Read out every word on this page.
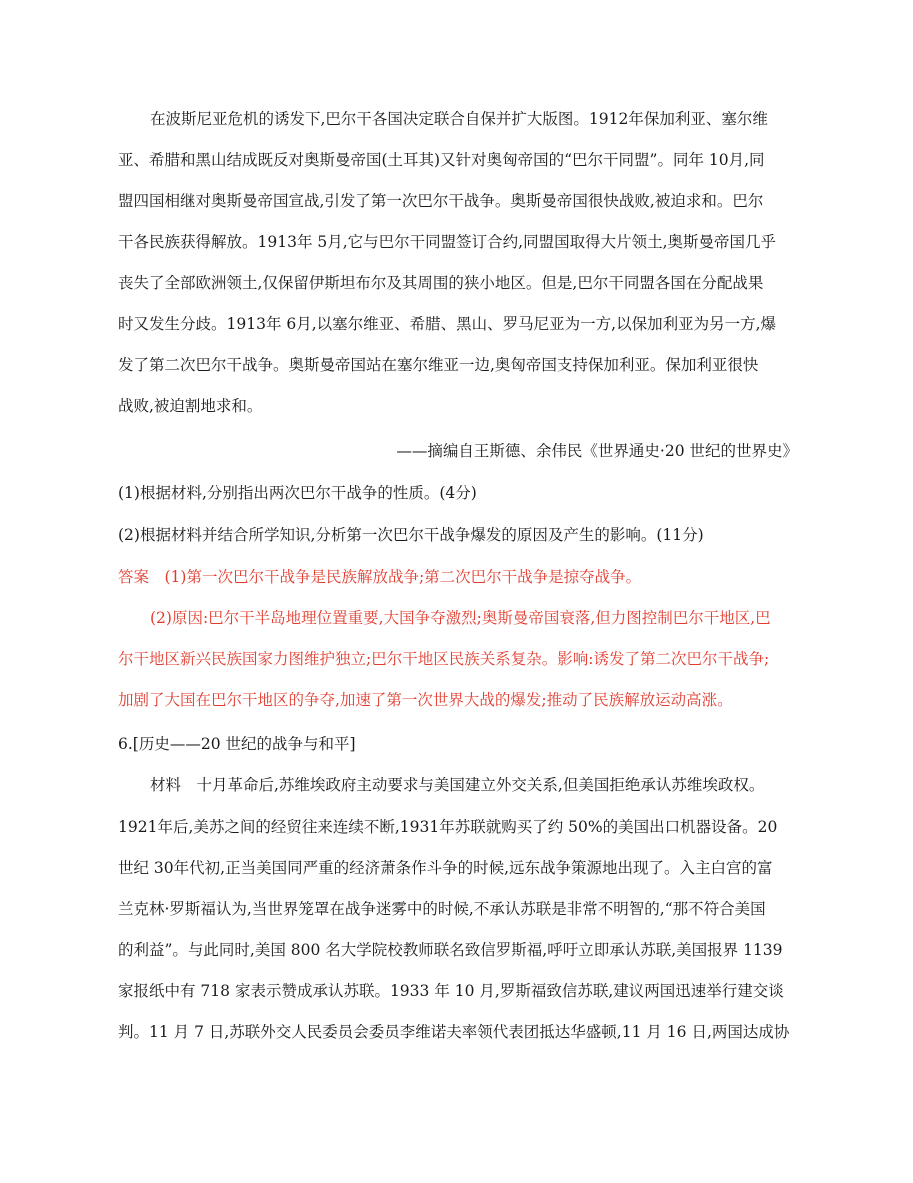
在波斯尼亚危机的诱发下,巴尔干各国决定联合自保并扩大版图。1912年保加利亚、塞尔维
亚、希腊和黑山结成既反对奥斯曼帝国(土耳其)又针对奥匈帝国的“巴尔干同盟”。同年 10月,同
盟四国相继对奥斯曼帝国宣战,引发了第一次巴尔干战争。奥斯曼帝国很快战败,被迫求和。巴尔
干各民族获得解放。1913年 5月,它与巴尔干同盟签订合约,同盟国取得大片领土,奥斯曼帝国几乎
丧失了全部欧洲领土,仅保留伊斯坦布尔及其周围的狭小地区。但是,巴尔干同盟各国在分配战果
时又发生分歧。1913年 6月,以塞尔维亚、希腊、黑山、罗马尼亚为一方,以保加利亚为另一方,爆
发了第二次巴尔干战争。奥斯曼帝国站在塞尔维亚一边,奥匈帝国支持保加利亚。保加利亚很快
战败,被迫割地求和。
——摘编自王斯德、余伟民《世界通史·20 世纪的世界史》
(1)根据材料,分别指出两次巴尔干战争的性质。(4分)
(2)根据材料并结合所学知识,分析第一次巴尔干战争爆发的原因及产生的影响。(11分)
答案　(1)第一次巴尔干战争是民族解放战争;第二次巴尔干战争是掠夺战争。
(2)原因:巴尔干半岛地理位置重要,大国争夺激烈;奥斯曼帝国衰落,但力图控制巴尔干地区,巴
尔干地区新兴民族国家力图维护独立;巴尔干地区民族关系复杂。影响:诱发了第二次巴尔干战争;
加剧了大国在巴尔干地区的争夺,加速了第一次世界大战的爆发;推动了民族解放运动高涨。
6.[历史——20 世纪的战争与和平]
材料　十月革命后,苏维埃政府主动要求与美国建立外交关系,但美国拒绝承认苏维埃政权。
1921年后,美苏之间的经贸往来连续不断,1931年苏联就购买了约 50%的美国出口机器设备。20
世纪 30年代初,正当美国同严重的经济萧条作斗争的时候,远东战争策源地出现了。入主白宫的富
兰克林·罗斯福认为,当世界笼罩在战争迷雾中的时候,不承认苏联是非常不明智的,“那不符合美国
的利益”。与此同时,美国 800 名大学院校教师联名致信罗斯福,呼吁立即承认苏联,美国报界 1139
家报纸中有 718 家表示赞成承认苏联。1933 年 10 月,罗斯福致信苏联,建议两国迅速举行建交谈
判。11 月 7 日,苏联外交人民委员会委员李维诺夫率领代表团抵达华盛顿,11 月 16 日,两国达成协
